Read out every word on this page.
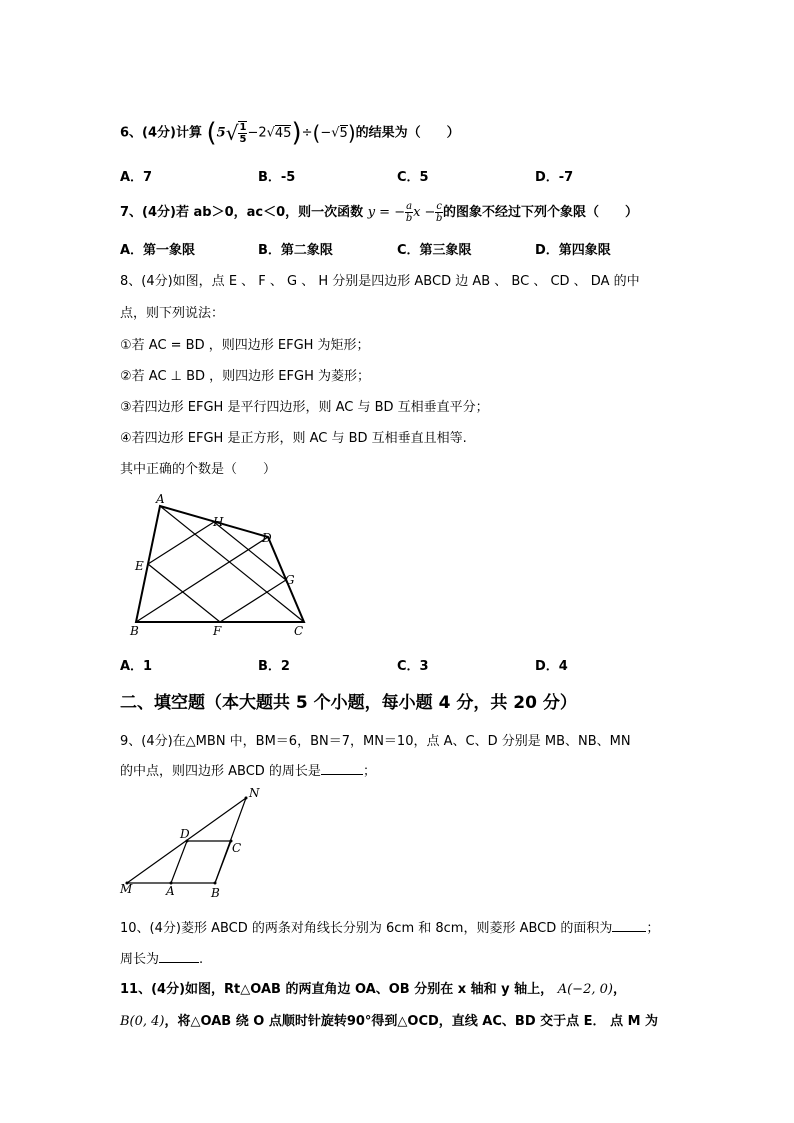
6、(4分)计算 $(5√ \frac{1}{5}-2√45)\div(-√5)$的结果为（　　）
A．7	B．-5	C．5	D．-7
7、(4分)若 ab＞0，ac＜0，则一次函数 y = − $\frac{a}{b}x - \frac{c}{b}$的图象不经过下列个象限（　　）
A．第一象限	B．第二象限	C．第三象限	D．第四象限
8、(4分)如图，点 E 、 F 、 G 、 H 分别是四边形 ABCD 边 AB 、 BC 、 CD 、 DA 的中
点，则下列说法：
①若 AC = BD ，则四边形 EFGH 为矩形；
②若 AC ⊥ BD ，则四边形 EFGH 为菱形；
③若四边形 EFGH 是平行四边形，则 AC 与 BD 互相垂直平分；
④若四边形 EFGH 是正方形，则 AC 与 BD 互相垂直且相等.
其中正确的个数是（　　）
A
H
D
E
G
B	F	C
A．1	B．2	C．3	D．4
二、填空题（本大题共 5 个小题，每小题 4 分，共 20 分）
9、(4分)在△MBN 中，BM＝6，BN＝7，MN＝10，点 A、C、D 分别是 MB、NB、MN
的中点，则四边形 ABCD 的周长是	；
N
D
C
M	A	B
10、(4分)菱形 ABCD 的两条对角线长分别为 6cm 和 8cm，则菱形 ABCD 的面积为	；
周长为	.
11、(4分)如图，Rt△OAB 的两直角边 OA、OB 分别在 x 轴和 y 轴上， A(−2, 0)，
B(0, 4)，将△OAB 绕 O 点顺时针旋转90°得到△OCD，直线 AC、BD 交于点 E． 点 M 为
